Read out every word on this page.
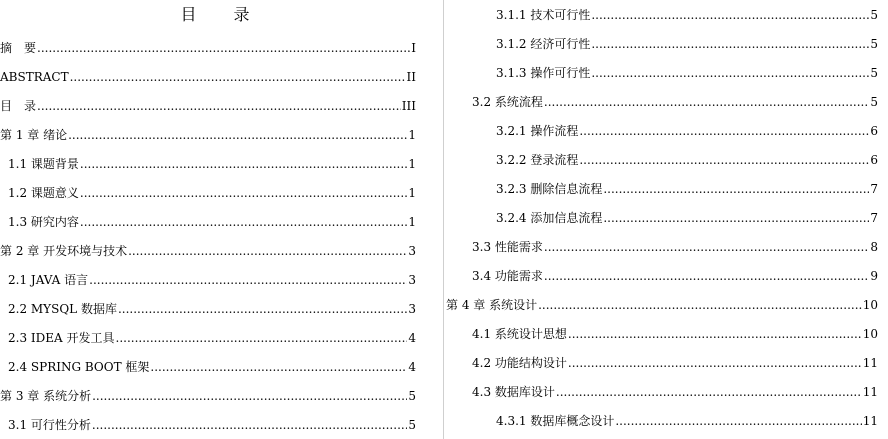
目 录
摘　要 .....	I
ABSTRACT .....	II
目　录 .....	III
第 1 章 绪论 .....	1
1.1 课题背景 .....	1
1.2 课题意义 .....	1
1.3 研究内容 .....	1
第 2 章 开发环境与技术 .....	3
2.1 JAVA 语言 .....	3
2.2 MYSQL 数据库 .....	3
2.3 IDEA 开发工具 .....	4
2.4 SPRING BOOT 框架 .....	4
第 3 章 系统分析 .....	5
3.1 可行性分析 .....	5
3.1.1 技术可行性 .....	5
3.1.2 经济可行性 .....	5
3.1.3 操作可行性 .....	5
3.2 系统流程 .....	5
3.2.1 操作流程 .....	6
3.2.2 登录流程 .....	6
3.2.3 删除信息流程 .....	7
3.2.4 添加信息流程 .....	7
3.3 性能需求 .....	8
3.4 功能需求 .....	9
第 4 章 系统设计 .....	10
4.1 系统设计思想 .....	10
4.2 功能结构设计 .....	11
4.3 数据库设计 .....	11
4.3.1 数据库概念设计 .....	11
